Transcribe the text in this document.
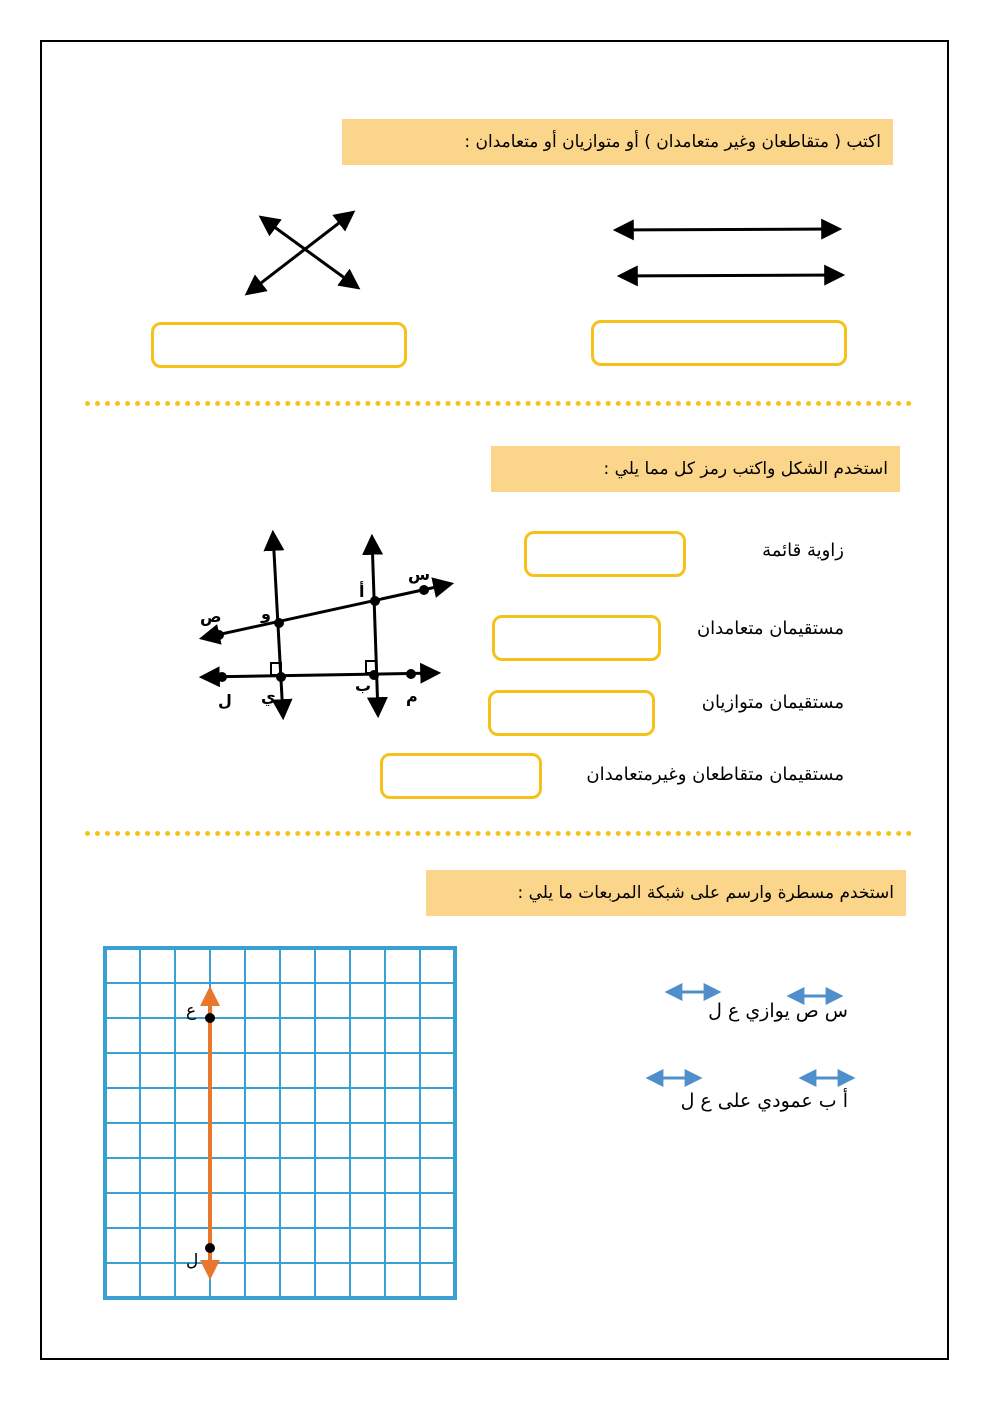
اكتب ( متقاطعان وغير متعامدان ) أو متوازيان أو متعامدان :
استخدم الشكل واكتب رمز كل مما يلي :
س
ص و
أ
ل ي
ب
م
زاوية قائمة
مستقيمان متعامدان
مستقيمان متوازيان
مستقيمان متقاطعان وغيرمتعامدان
استخدم مسطرة وارسم على شبكة المربعات ما يلي :
ع
ل
س ص يوازي ع ل
أ ب عمودي على ع ل
